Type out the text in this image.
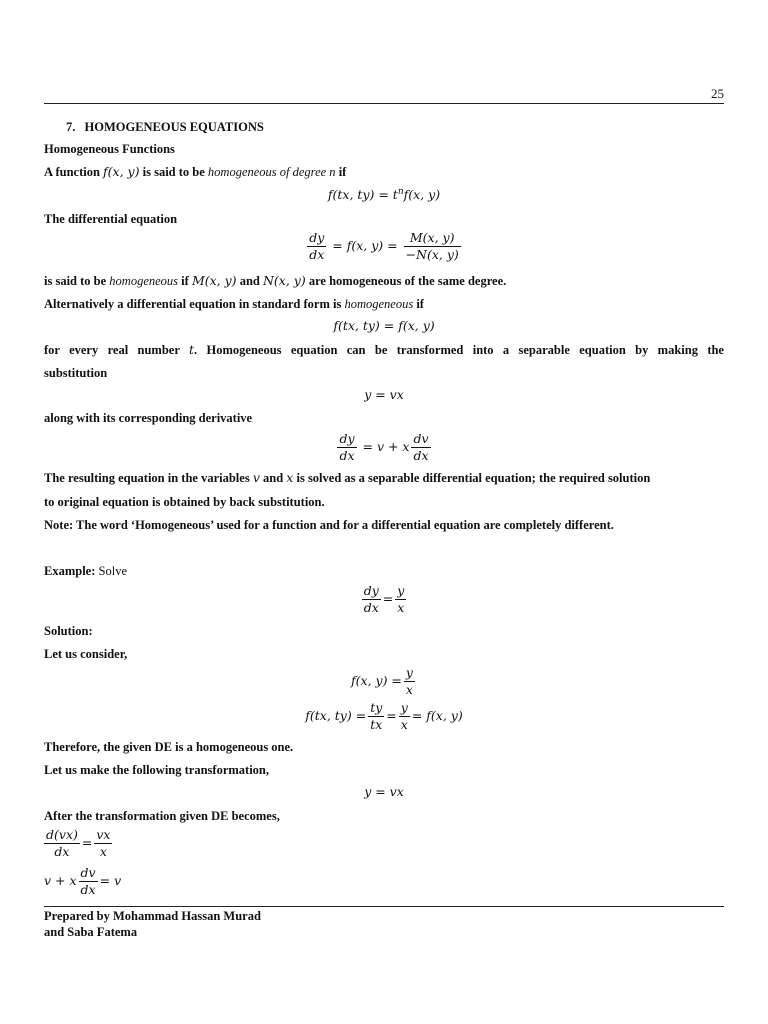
25
7. HOMOGENEOUS EQUATIONS
Homogeneous Functions
A function f(x, y) is said to be homogeneous of degree n if
f(tx, $ty) = t^nf(x$, y)
The differential equation
$\frac{dy}{dx} = f(x$, $y) = \frac{M(x, y)}{-N(x, y)}$
is said to be homogeneous if M(x, y) and N(x, y) are homogeneous of the same degree.
Alternatively a differential equation in standard form is homogeneous if
f(tx, ty) = f(x, y)
for every real number t. Homogeneous equation can be transformed into a separable equation by making the
substitution
y = vx
along with its corresponding derivative
$\frac{dy}{dx} = v + x \frac{dv}{dx}$
The resulting equation in the variables v and x is solved as a separable differential equation; the required solution
to original equation is obtained by back substitution.
Note: The word ‘Homogeneous’ used for a function and for a differential equation are completely different.
Example: Solve
$\frac{dy}{dx} = \frac{y}{x}$
Solution:
Let us consider,
f(x, $y) = \frac{y}{x}$
f(tx, $ty) = \frac{ty}{tx} = \frac{y}{x} = f(x$, y)
Therefore, the given DE is a homogeneous one.
Let us make the following transformation,
y = vx
After the transformation given DE becomes,
$\frac{d(vx)}{dx} = \frac{vx}{x}$
v + x $\frac{dv}{dx} = v$
Prepared by Mohammad Hassan Murad
and Saba Fatema
